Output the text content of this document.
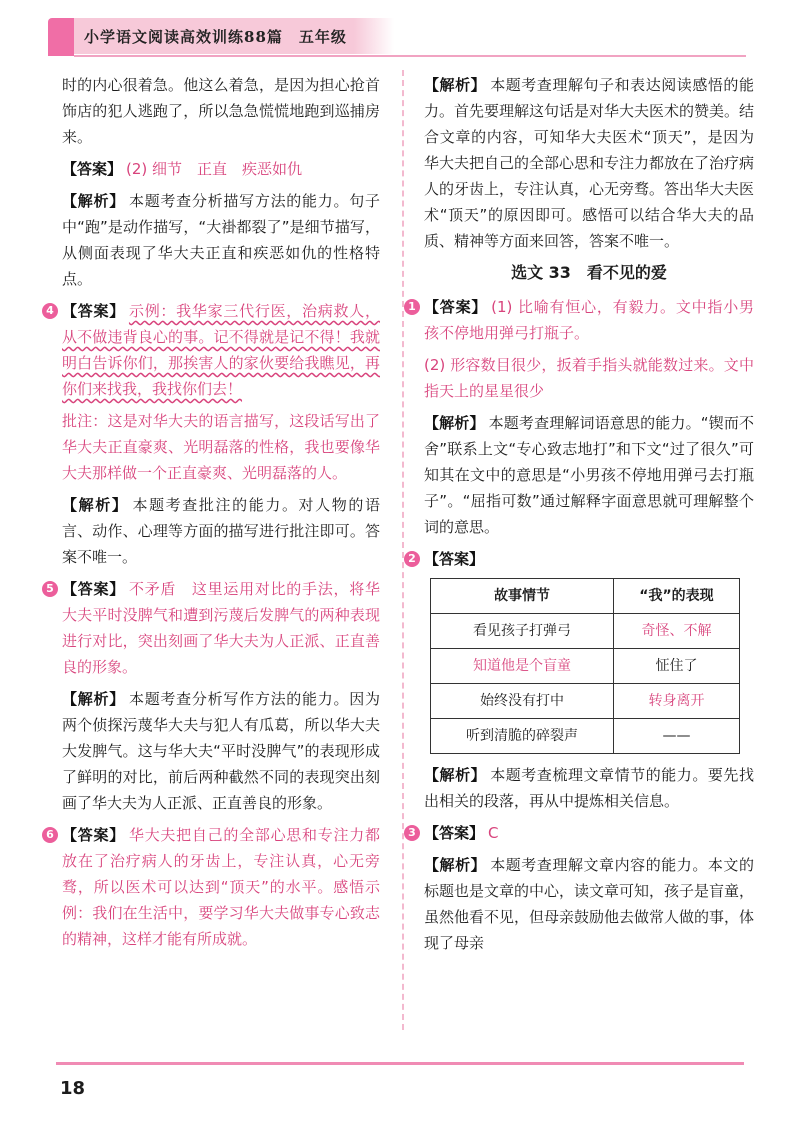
小学语文阅读高效训练88篇　五年级

时的内心很着急。他这么着急，是因为担心抢首饰店的犯人逃跑了，所以急急慌慌地跑到巡捕房来。

【答案】 (2) 细节　正直　疾恶如仇

【解析】 本题考查分析描写方法的能力。句子中“跑”是动作描写，“大褂都裂了”是细节描写，从侧面表现了华大夫正直和疾恶如仇的性格特点。

4 【答案】 示例：我华家三代行医，治病救人，从不做违背良心的事。记不得就是记不得！我就明白告诉你们，那挨害人的家伙要给我瞧见，再你们来找我，我找你们去！

批注：这是对华大夫的语言描写，这段话写出了华大夫正直豪爽、光明磊落的性格，我也要像华大夫那样做一个正直豪爽、光明磊落的人。

【解析】 本题考查批注的能力。对人物的语言、动作、心理等方面的描写进行批注即可。答案不唯一。

5 【答案】 不矛盾　这里运用对比的手法，将华大夫平时没脾气和遭到污蔑后发脾气的两种表现进行对比，突出刻画了华大夫为人正派、正直善良的形象。

【解析】 本题考查分析写作方法的能力。因为两个侦探污蔑华大夫与犯人有瓜葛，所以华大夫大发脾气。这与华大夫“平时没脾气”的表现形成了鲜明的对比，前后两种截然不同的表现突出刻画了华大夫为人正派、正直善良的形象。

6 【答案】 华大夫把自己的全部心思和专注力都放在了治疗病人的牙齿上，专注认真，心无旁骛，所以医术可以达到“顶天”的水平。感悟示例：我们在生活中，要学习华大夫做事专心致志的精神，这样才能有所成就。

【解析】 本题考查理解句子和表达阅读感悟的能力。首先要理解这句话是对华大夫医术的赞美。结合文章的内容，可知华大夫医术“顶天”，是因为华大夫把自己的全部心思和专注力都放在了治疗病人的牙齿上，专注认真，心无旁骛。答出华大夫医术“顶天”的原因即可。感悟可以结合华大夫的品质、精神等方面来回答，答案不唯一。

选文 33　看不见的爱
1 【答案】 (1) 比喻有恒心，有毅力。文中指小男孩不停地用弹弓打瓶子。

(2) 形容数目很少，扳着手指头就能数过来。文中指天上的星星很少

【解析】 本题考查理解词语意思的能力。“锲而不舍”联系上文“专心致志地打”和下文“过了很久”可知其在文中的意思是“小男孩不停地用弹弓去打瓶子”。“屈指可数”通过解释字面意思就可理解整个词的意思。

2 【答案】

故事情节	“我”的表现
看见孩子打弹弓	奇怪、不解
知道他是个盲童	怔住了
始终没有打中	转身离开
听到清脆的碎裂声	——

【解析】 本题考查梳理文章情节的能力。要先找出相关的段落，再从中提炼相关信息。

3 【答案】 C

【解析】 本题考查理解文章内容的能力。本文的标题也是文章的中心，读文章可知，孩子是盲童，虽然他看不见，但母亲鼓励他去做常人做的事，体现了母亲

18
